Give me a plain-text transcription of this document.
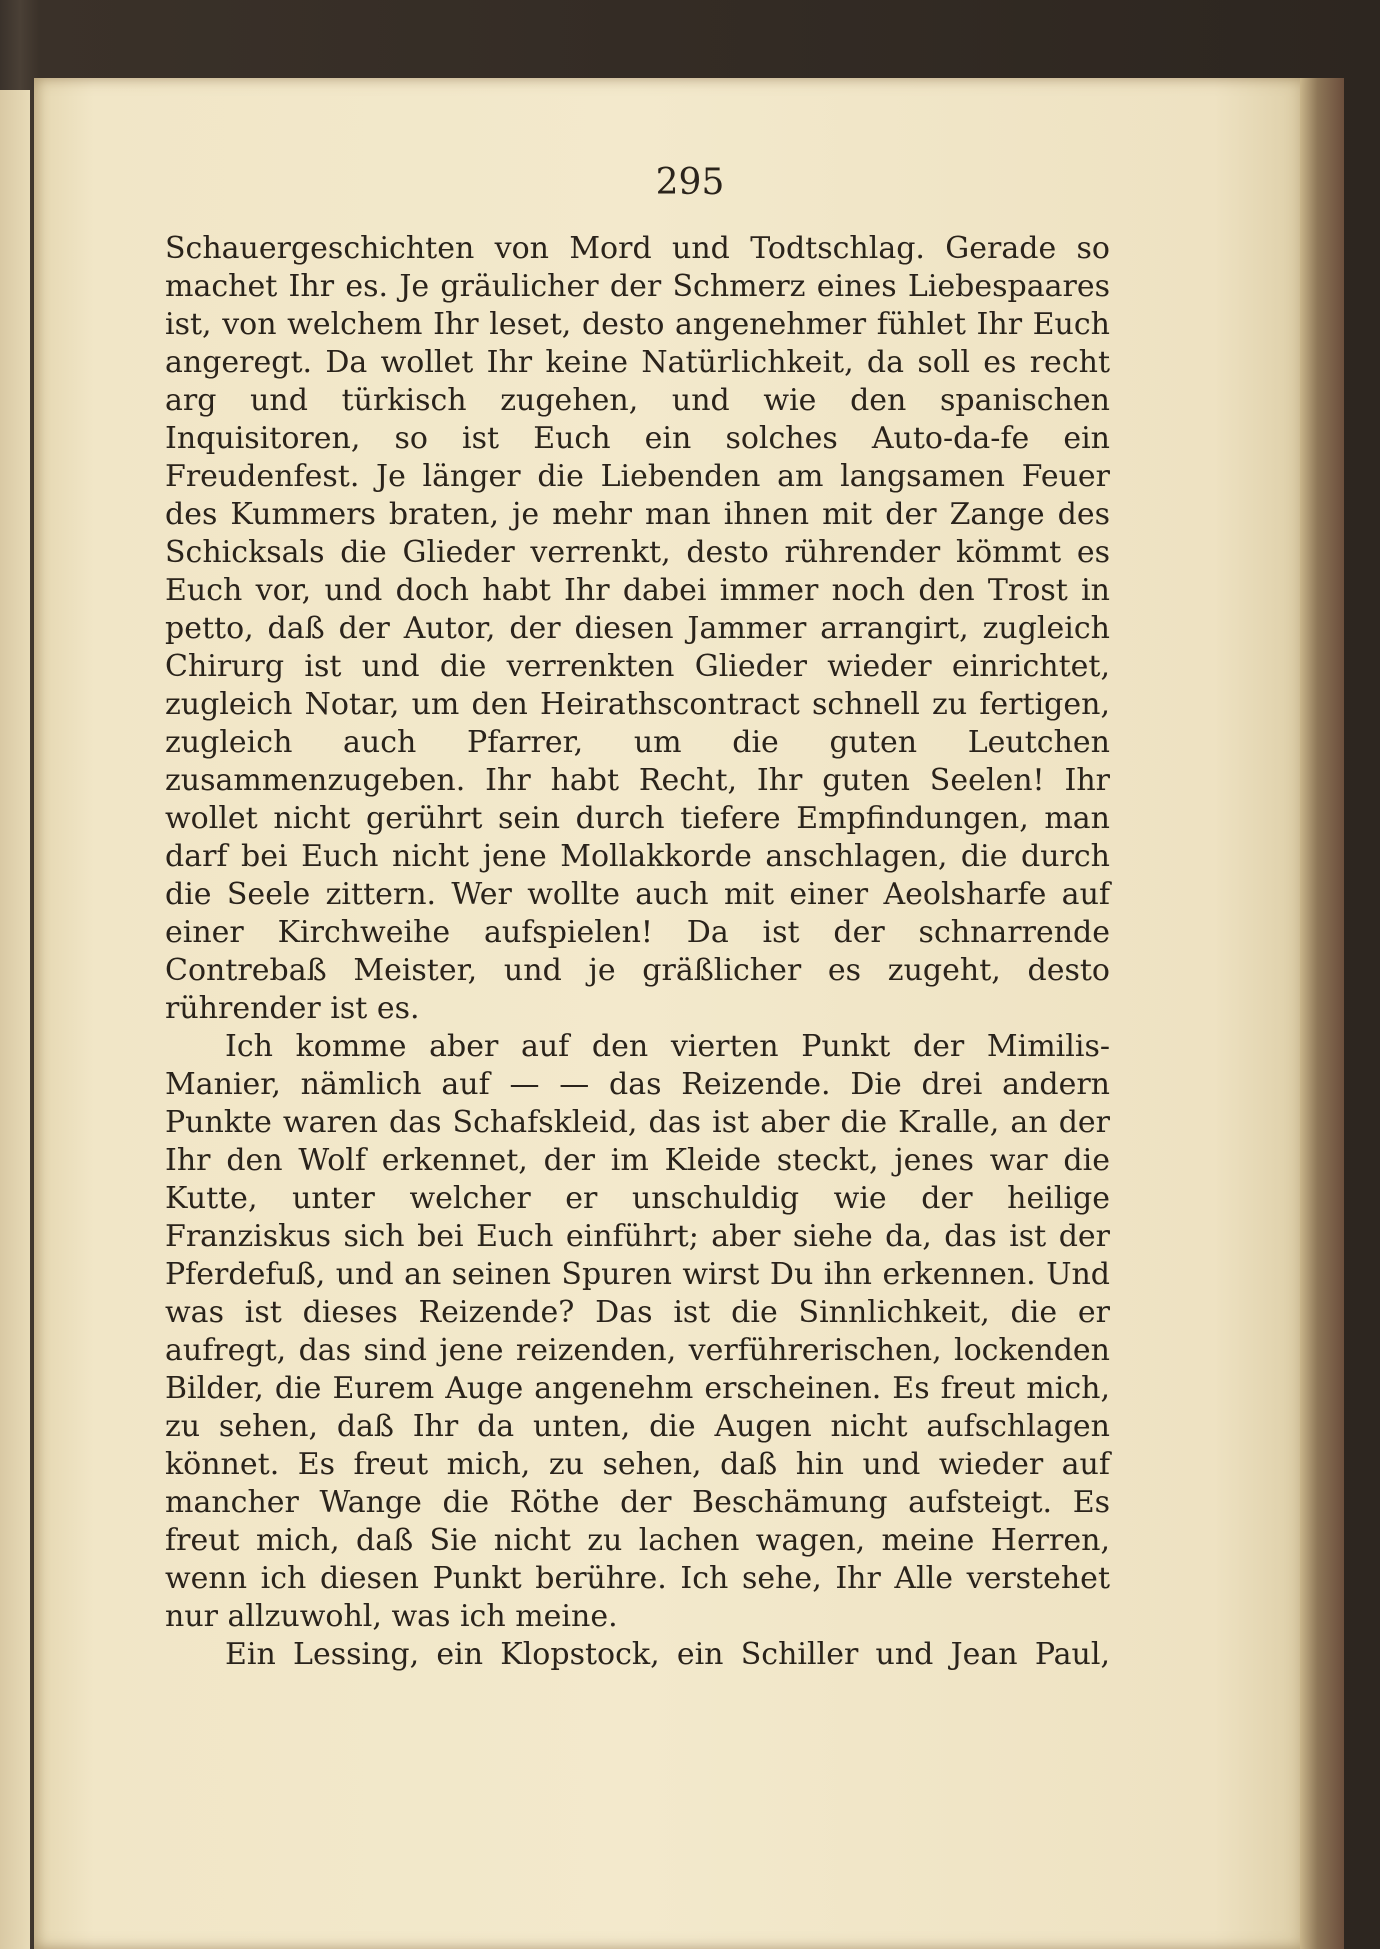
295

Schauergeschichten von Mord und Todtschlag. Gerade so machet Ihr es. Je gräulicher der Schmerz eines Liebespaares ist, von welchem Ihr leset, desto angenehmer fühlet Ihr Euch angeregt. Da wollet Ihr keine Natürlichkeit, da soll es recht arg und türkisch zugehen, und wie den spanischen Inquisitoren, so ist Euch ein solches Auto-da-fe ein Freudenfest. Je länger die Liebenden am langsamen Feuer des Kummers braten, je mehr man ihnen mit der Zange des Schicksals die Glieder verrenkt, desto rührender kömmt es Euch vor, und doch habt Ihr dabei immer noch den Trost in petto, daß der Autor, der diesen Jammer arrangirt, zugleich Chirurg ist und die verrenkten Glieder wieder einrichtet, zugleich Notar, um den Heirathscontract schnell zu fertigen, zugleich auch Pfarrer, um die guten Leutchen zusammenzugeben. Ihr habt Recht, Ihr guten Seelen! Ihr wollet nicht gerührt sein durch tiefere Empfindungen, man darf bei Euch nicht jene Mollakkorde anschlagen, die durch die Seele zittern. Wer wollte auch mit einer Aeolsharfe auf einer Kirchweihe aufspielen! Da ist der schnarrende Contrebaß Meister, und je gräßlicher es zugeht, desto rührender ist es.

Ich komme aber auf den vierten Punkt der Mimilis-Manier, nämlich auf — — das Reizende. Die drei andern Punkte waren das Schafskleid, das ist aber die Kralle, an der Ihr den Wolf erkennet, der im Kleide steckt, jenes war die Kutte, unter welcher er unschuldig wie der heilige Franziskus sich bei Euch einführt; aber siehe da, das ist der Pferdefuß, und an seinen Spuren wirst Du ihn erkennen. Und was ist dieses Reizende? Das ist die Sinnlichkeit, die er aufregt, das sind jene reizenden, verführerischen, lockenden Bilder, die Eurem Auge angenehm erscheinen. Es freut mich, zu sehen, daß Ihr da unten, die Augen nicht aufschlagen könnet. Es freut mich, zu sehen, daß hin und wieder auf mancher Wange die Röthe der Beschämung aufsteigt. Es freut mich, daß Sie nicht zu lachen wagen, meine Herren, wenn ich diesen Punkt berühre. Ich sehe, Ihr Alle verstehet nur allzuwohl, was ich meine.

Ein Lessing, ein Klopstock, ein Schiller und Jean Paul,
